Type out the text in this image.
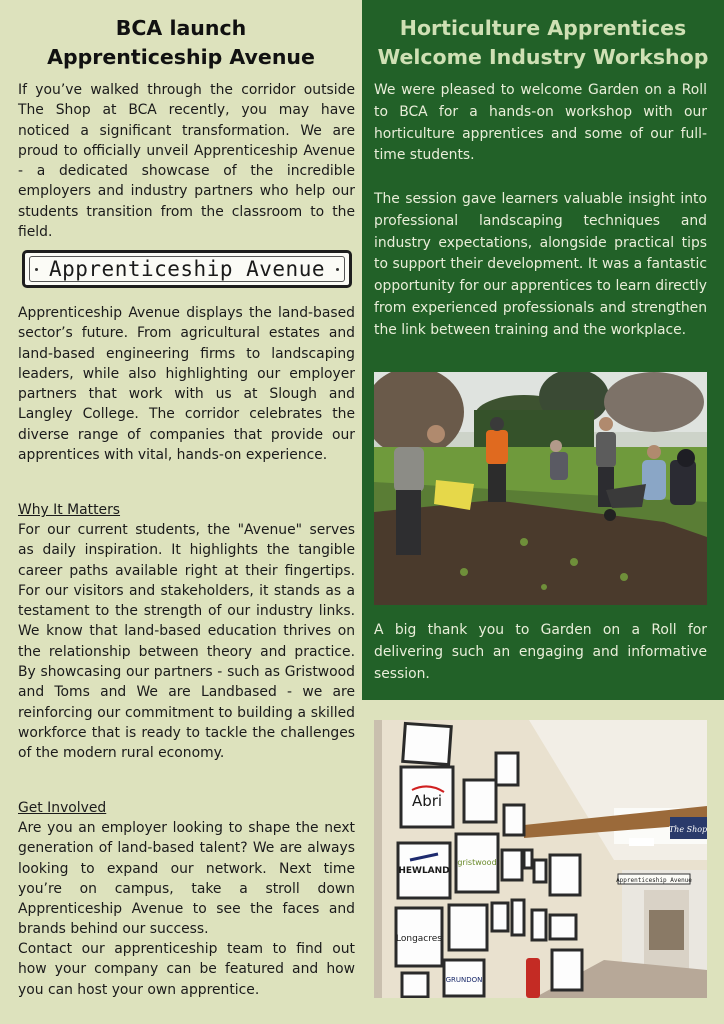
BCA launch
Apprenticeship Avenue

If you’ve walked through the corridor outside The Shop at BCA recently, you may have noticed a significant transformation. We are proud to officially unveil Apprenticeship Avenue - a dedicated showcase of the incredible employers and industry partners who help our students transition from the classroom to the field.

Apprenticeship Avenue

Apprenticeship Avenue displays the land-based sector’s future. From agricultural estates and land-based engineering firms to landscaping leaders, while also highlighting our employer partners that work with us at Slough and Langley College. The corridor celebrates the diverse range of companies that provide our apprentices with vital, hands-on experience.

Why It Matters

For our current students, the "Avenue" serves as daily inspiration. It highlights the tangible career paths available right at their fingertips. For our visitors and stakeholders, it stands as a testament to the strength of our industry links. We know that land-based education thrives on the relationship between theory and practice. By showcasing our partners - such as Gristwood and Toms and We are Landbased - we are reinforcing our commitment to building a skilled workforce that is ready to tackle the challenges of the modern rural economy.

Get Involved

Are you an employer looking to shape the next generation of land-based talent? We are always looking to expand our network. Next time you’re on campus, take a stroll down Apprenticeship Avenue to see the faces and brands behind our success.

Contact our apprenticeship team to find out how your company can be featured and how you can host your own apprentice.

Horticulture Apprentices
Welcome Industry Workshop

We were pleased to welcome Garden on a Roll to BCA for a hands-on workshop with our horticulture apprentices and some of our full-time students.

The session gave learners valuable insight into professional landscaping techniques and industry expectations, alongside practical tips to support their development. It was a fantastic opportunity for our apprentices to learn directly from experienced professionals and strengthen the link between training and the workplace.

A big thank you to Garden on a Roll for delivering such an engaging and informative session.

Abri
HEWLAND
gristwood
Longacres
GRUNDON
Apprenticeship Avenue
The Shop
